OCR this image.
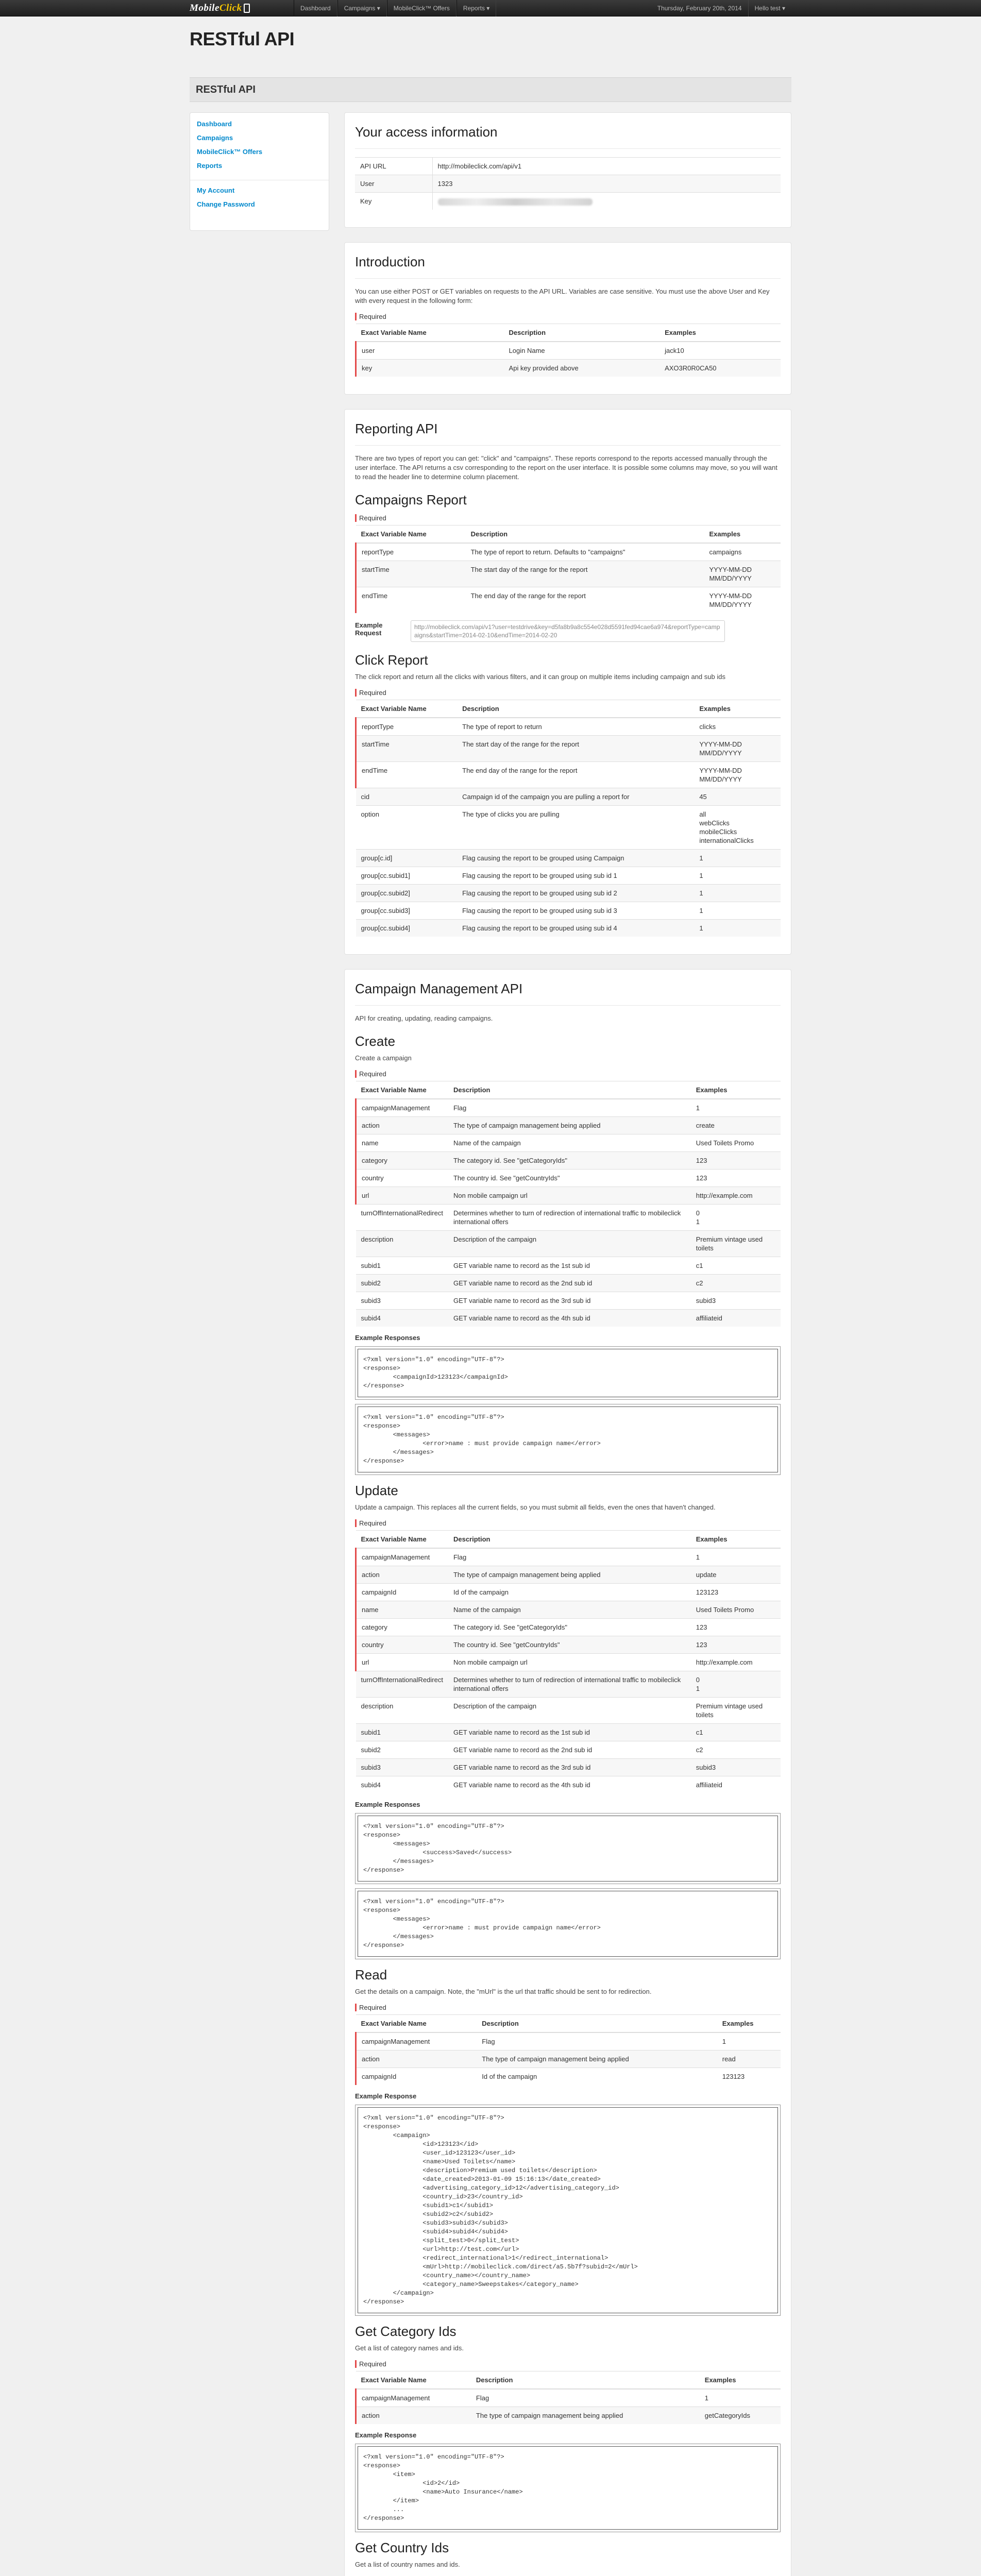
MobileClick	Dashboard	Campaigns ▾	MobileClick™ Offers	Reports ▾	Thursday, February 20th, 2014	Hello test ▾
RESTful API
RESTful API
Dashboard
Campaigns
MobileClick™ Offers
Reports
My Account
Change Password
Your access information
API URL	http://mobileclick.com/api/v1
User	1323
Key	
Introduction

You can use either POST or GET variables on requests to the API URL. Variables are case sensitive. You must use the above User and Key with every request in the following form:

Required
Exact Variable Name	Description	Examples
user	Login Name	jack10
key	Api key provided above	AXO3R0R0CA50
Reporting API

There are two types of report you can get: "click" and "campaigns". These reports correspond to the reports accessed manually through the user interface. The API returns a csv corresponding to the report on the user interface. It is possible some columns may move, so you will want to read the header line to determine column placement.

Campaigns Report
Required
Exact Variable Name	Description	Examples
reportType	The type of report to return. Defaults to "campaigns"	campaigns
startTime	The start day of the range for the report	YYYY-MM-DD
MM/DD/YYYY
endTime	The end day of the range for the report	YYYY-MM-DD
MM/DD/YYYY
Example Request
http://mobileclick.com/api/v1?user=testdrive&key=d5fa8b9a8c554e028d5591fed94cae6a974&reportType=campaigns&startTime=2014-02-10&endTime=2014-02-20
Click Report

The click report and return all the clicks with various filters, and it can group on multiple items including campaign and sub ids

Required
Exact Variable Name	Description	Examples
reportType	The type of report to return	clicks
startTime	The start day of the range for the report	YYYY-MM-DD
MM/DD/YYYY
endTime	The end day of the range for the report	YYYY-MM-DD
MM/DD/YYYY
cid	Campaign id of the campaign you are pulling a report for	45
option	The type of clicks you are pulling	all
webClicks
mobileClicks
internationalClicks
group[c.id]	Flag causing the report to be grouped using Campaign	1
group[cc.subid1]	Flag causing the report to be grouped using sub id 1	1
group[cc.subid2]	Flag causing the report to be grouped using sub id 2	1
group[cc.subid3]	Flag causing the report to be grouped using sub id 3	1
group[cc.subid4]	Flag causing the report to be grouped using sub id 4	1
Campaign Management API

API for creating, updating, reading campaigns.

Create

Create a campaign

Required
Exact Variable Name	Description	Examples
campaignManagement	Flag	1
action	The type of campaign management being applied	create
name	Name of the campaign	Used Toilets Promo
category	The category id. See "getCategoryIds"	123
country	The country id. See "getCountryIds"	123
url	Non mobile campaign url	http://example.com
turnOffInternationalRedirect	Determines whether to turn of redirection of international traffic to mobileclick international offers	0
1
description	Description of the campaign	Premium vintage used toilets
subid1	GET variable name to record as the 1st sub id	c1
subid2	GET variable name to record as the 2nd sub id	c2
subid3	GET variable name to record as the 3rd sub id	subid3
subid4	GET variable name to record as the 4th sub id	affiliateid
Example Responses
<?xml version="1.0" encoding="UTF-8"?>
<response>
<campaignId>123123</campaignId>
</response>
<?xml version="1.0" encoding="UTF-8"?>
<response>
<messages>
<error>name : must provide campaign name</error>
</messages>
</response>
Update

Update a campaign. This replaces all the current fields, so you must submit all fields, even the ones that haven't changed.

Required
Exact Variable Name	Description	Examples
campaignManagement	Flag	1
action	The type of campaign management being applied	update
campaignId	Id of the campaign	123123
name	Name of the campaign	Used Toilets Promo
category	The category id. See "getCategoryIds"	123
country	The country id. See "getCountryIds"	123
url	Non mobile campaign url	http://example.com
turnOffInternationalRedirect	Determines whether to turn of redirection of international traffic to mobileclick international offers	0
1
description	Description of the campaign	Premium vintage used toilets
subid1	GET variable name to record as the 1st sub id	c1
subid2	GET variable name to record as the 2nd sub id	c2
subid3	GET variable name to record as the 3rd sub id	subid3
subid4	GET variable name to record as the 4th sub id	affiliateid
Example Responses
<?xml version="1.0" encoding="UTF-8"?>
<response>
<messages>
<success>Saved</success>
</messages>
</response>
<?xml version="1.0" encoding="UTF-8"?>
<response>
<messages>
<error>name : must provide campaign name</error>
</messages>
</response>
Read

Get the details on a campaign. Note, the "mUrl" is the url that traffic should be sent to for redirection.

Required
Exact Variable Name	Description	Examples
campaignManagement	Flag	1
action	The type of campaign management being applied	read
campaignId	Id of the campaign	123123
Example Response
<?xml version="1.0" encoding="UTF-8"?>
<response>
<campaign>
<id>123123</id>
<user_id>123123</user_id>
<name>Used Toilets</name>
<description>Premium used toilets</description>
<date_created>2013-01-09 15:16:13</date_created>
<advertising_category_id>12</advertising_category_id>
<country_id>23</country_id>
<subid1>c1</subid1>
<subid2>c2</subid2>
<subid3>subid3</subid3>
<subid4>subid4</subid4>
<split_test>0</split_test>
<url>http://test.com</url>
<redirect_international>1</redirect_international>
<mUrl>http://mobileclick.com/direct/a5.5b7f?subid=2</mUrl>
<country_name></country_name>
<category_name>Sweepstakes</category_name>
</campaign>
</response>
Get Category Ids

Get a list of category names and ids.

Required
Exact Variable Name	Description	Examples
campaignManagement	Flag	1
action	The type of campaign management being applied	getCategoryIds
Example Response
<?xml version="1.0" encoding="UTF-8"?>
<response>
<item>
<id>2</id>
<name>Auto Insurance</name>
</item>
...
</response>
Get Country Ids

Get a list of country names and ids.
